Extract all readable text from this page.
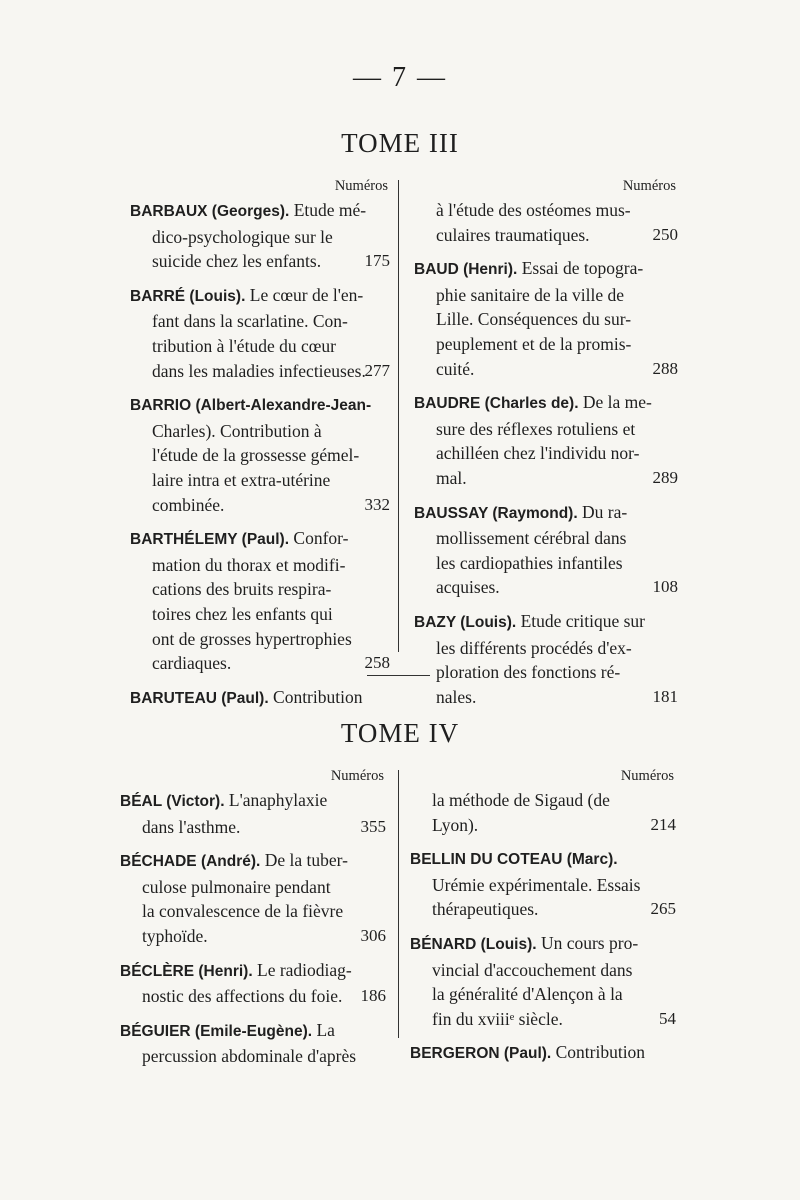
— 7 —
TOME III
Numéros
BARBAUX (Georges). Etude mé-
dico-psychologique sur le
suicide chez les enfants.	175
BARRÉ (Louis). Le cœur de l'en-
fant dans la scarlatine. Con-
tribution à l'étude du cœur
dans les maladies infectieuses.
277
BARRIO (Albert-Alexandre-Jean-
Charles). Contribution à
l'étude de la grossesse gémel-
laire intra et extra-utérine
combinée.	332
BARTHÉLEMY (Paul). Confor-
mation du thorax et modifi-
cations des bruits respira-
toires chez les enfants qui
ont de grosses hypertrophies
cardiaques.	258
BARUTEAU (Paul). Contribution
Numéros
à l'étude des ostéomes mus-
culaires traumatiques.	250
BAUD (Henri). Essai de topogra-
phie sanitaire de la ville de
Lille. Conséquences du sur-
peuplement et de la promis-
cuité.	288
BAUDRE (Charles de). De la me-
sure des réflexes rotuliens et
achilléen chez l'individu nor-
mal.	289
BAUSSAY (Raymond). Du ra-
mollissement cérébral dans
les cardiopathies infantiles
acquises.	108
BAZY (Louis). Etude critique sur
les différents procédés d'ex-
ploration des fonctions ré-
nales.	181
TOME IV
Numéros
BÉAL (Victor). L'anaphylaxie
dans l'asthme.	355
BÉCHADE (André). De la tuber-
culose pulmonaire pendant
la convalescence de la fièvre
typhoïde.	306
BÉCLÈRE (Henri). Le radiodiag-
nostic des affections du foie.	186
BÉGUIER (Emile-Eugène). La
percussion abdominale d'après
Numéros
la méthode de Sigaud (de
Lyon).	214
BELLIN DU COTEAU (Marc).
Urémie expérimentale. Essais
thérapeutiques.	265
BÉNARD (Louis). Un cours pro-
vincial d'accouchement dans
la généralité d'Alençon à la
fin du xviiiᵉ siècle.	54
BERGERON (Paul). Contribution
